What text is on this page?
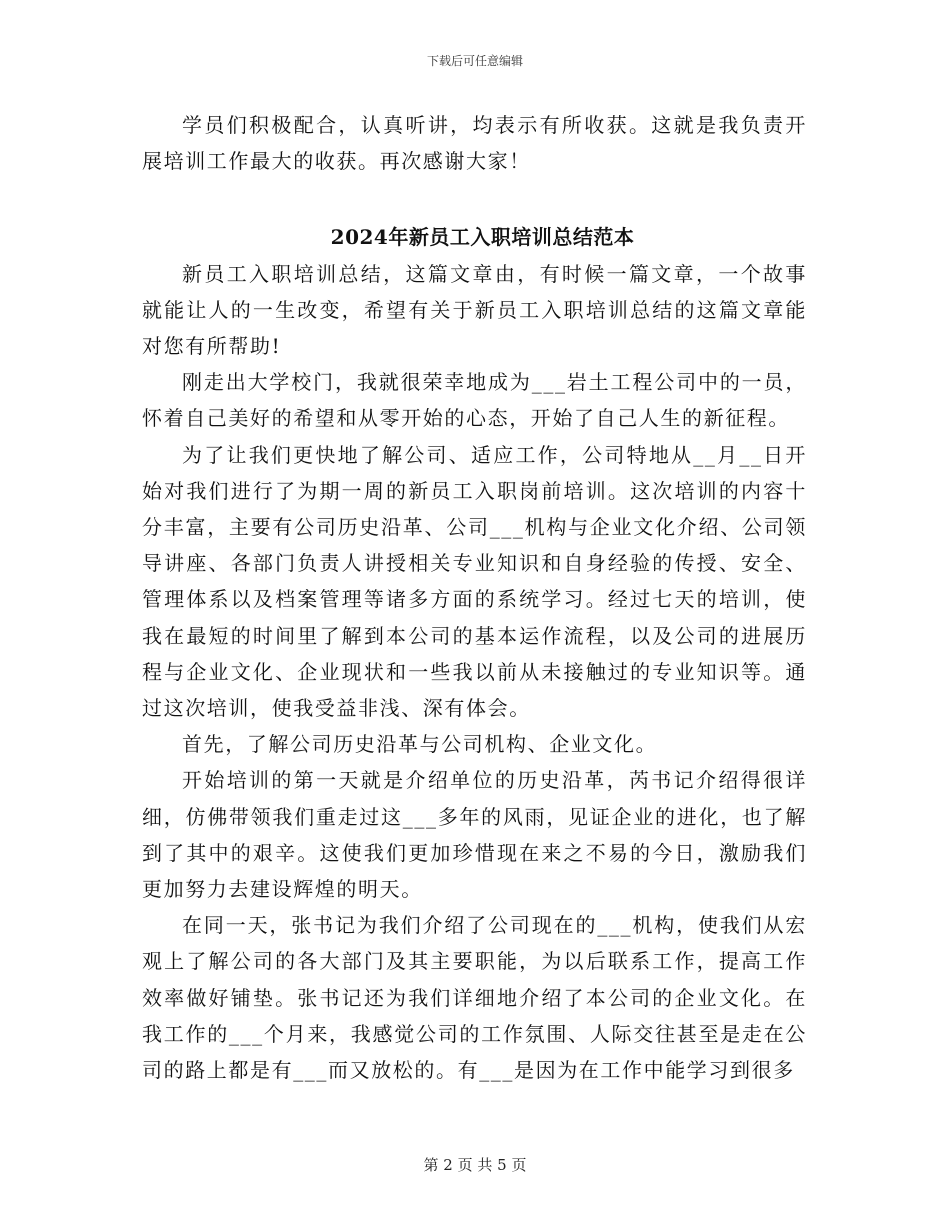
下载后可任意编辑

学员们积极配合，认真听讲，均表示有所收获。这就是我负责开展培训工作最大的收获。再次感谢大家！

2024年新员工入职培训总结范本

新员工入职培训总结，这篇文章由，有时候一篇文章，一个故事就能让人的一生改变，希望有关于新员工入职培训总结的这篇文章能对您有所帮助!

刚走出大学校门，我就很荣幸地成为___岩土工程公司中的一员，怀着自己美好的希望和从零开始的心态，开始了自己人生的新征程。

为了让我们更快地了解公司、适应工作，公司特地从__月__日开始对我们进行了为期一周的新员工入职岗前培训。这次培训的内容十分丰富，主要有公司历史沿革、公司___机构与企业文化介绍、公司领导讲座、各部门负责人讲授相关专业知识和自身经验的传授、安全、管理体系以及档案管理等诸多方面的系统学习。经过七天的培训，使我在最短的时间里了解到本公司的基本运作流程，以及公司的进展历程与企业文化、企业现状和一些我以前从未接触过的专业知识等。通过这次培训，使我受益非浅、深有体会。

首先，了解公司历史沿革与公司机构、企业文化。

开始培训的第一天就是介绍单位的历史沿革，芮书记介绍得很详细，仿佛带领我们重走过这___多年的风雨，见证企业的进化，也了解到了其中的艰辛。这使我们更加珍惜现在来之不易的今日，激励我们更加努力去建设辉煌的明天。

在同一天，张书记为我们介绍了公司现在的___机构，使我们从宏观上了解公司的各大部门及其主要职能，为以后联系工作，提高工作效率做好铺垫。张书记还为我们详细地介绍了本公司的企业文化。在我工作的___个月来，我感觉公司的工作氛围、人际交往甚至是走在公司的路上都是有___而又放松的。有___是因为在工作中能学习到很多

第 2 页 共 5 页
